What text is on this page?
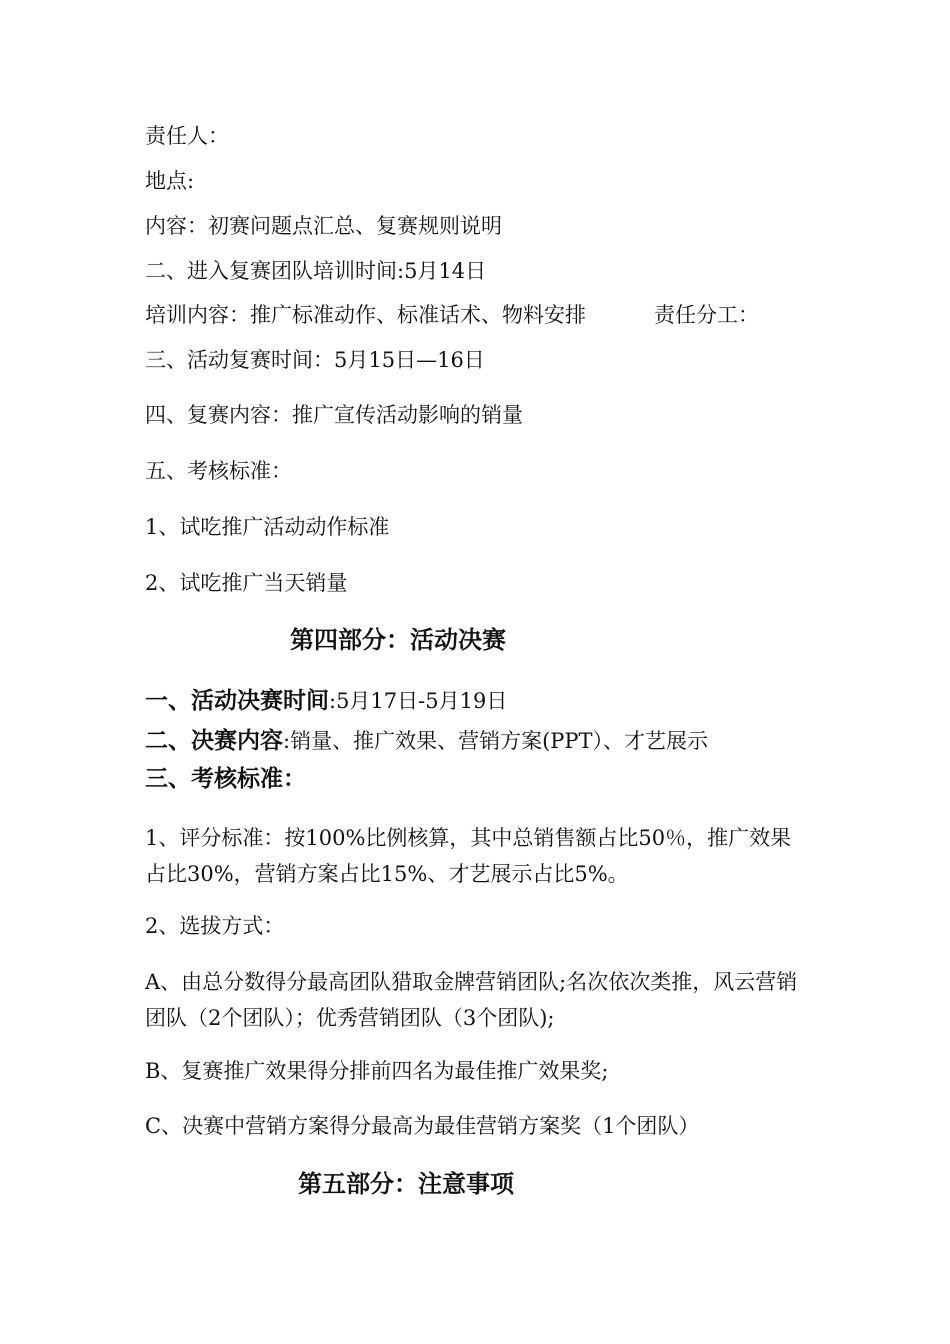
责任人：
地点:
内容：初赛问题点汇总、复赛规则说明
二、进入复赛团队培训时间:5月14日
培训内容：推广标准动作、标准话术、物料安排	责任分工：
三、活动复赛时间：5月15日—16日
四、复赛内容：推广宣传活动影响的销量
五、考核标准：
1、试吃推广活动动作标准
2、试吃推广当天销量
第四部分：活动决赛
一、活动决赛时间:5月17日-5月19日
二、决赛内容:销量、推广效果、营销方案(PPT）、才艺展示
三、考核标准：
1、评分标准：按100%比例核算，其中总销售额占比50％，推广效果占比30%，营销方案占比15%、才艺展示占比5%。
2、选拔方式：
A、由总分数得分最高团队猎取金牌营销团队;名次依次类推，风云营销团队（2个团队）；优秀营销团队（3个团队);
B、复赛推广效果得分排前四名为最佳推广效果奖;
C、决赛中营销方案得分最高为最佳营销方案奖（1个团队）
第五部分：注意事项
